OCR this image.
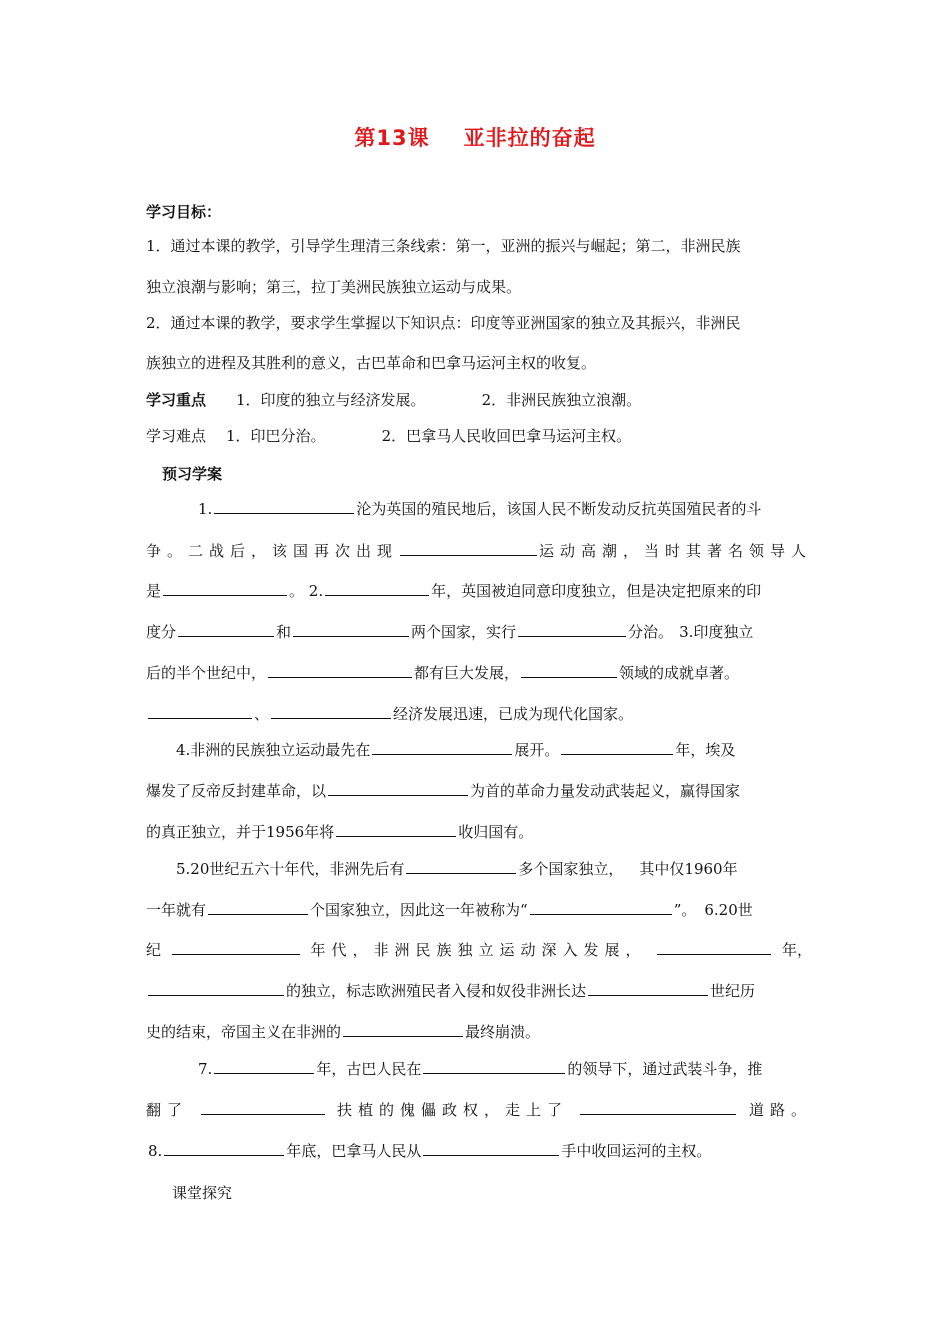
第13课 亚非拉的奋起
学习目标：
1．通过本课的教学，引导学生理清三条线索：第一，亚洲的振兴与崛起；第二，非洲民族
独立浪潮与影响；第三，拉丁美洲民族独立运动与成果。
2．通过本课的教学，要求学生掌握以下知识点：印度等亚洲国家的独立及其振兴，非洲民
族独立的进程及其胜利的意义，古巴革命和巴拿马运河主权的收复。
学习重点 1．印度的独立与经济发展。	2．非洲民族独立浪潮。
学习难点 1．印巴分治。	2．巴拿马人民收回巴拿马运河主权。
预习学案
1.	沦为英国的殖民地后，该国人民不断发动反抗英国殖民者的斗
争。二战后，该国再次出现	运动高潮，当时其著名领导人
是	。 2.	年，英国被迫同意印度独立，但是决定把原来的印
度分	和	两个国家，实行	分治。 3.印度独立
后的半个世纪中，	都有巨大发展，	领域的成就卓著。
、	经济发展迅速，已成为现代化国家。
4.非洲的民族独立运动最先在	展开。	年，埃及
爆发了反帝反封建革命，以	为首的革命力量发动武装起义，赢得国家
的真正独立，并于1956年将	收归国有。
5.20世纪五六十年代，非洲先后有	多个国家独立， 其中仅1960年
一年就有	个国家独立，因此这一年被称为“	”。 6.20世
纪	年代，非洲民族独立运动深入发展，	年，
的独立，标志欧洲殖民者入侵和奴役非洲长达	世纪历
史的结束，帝国主义在非洲的	最终崩溃。
7.	年，古巴人民在	的领导下，通过武装斗争，推
翻了	扶植的傀儡政权，走上了	道路。
8.	年底，巴拿马人民从	手中收回运河的主权。
课堂探究
